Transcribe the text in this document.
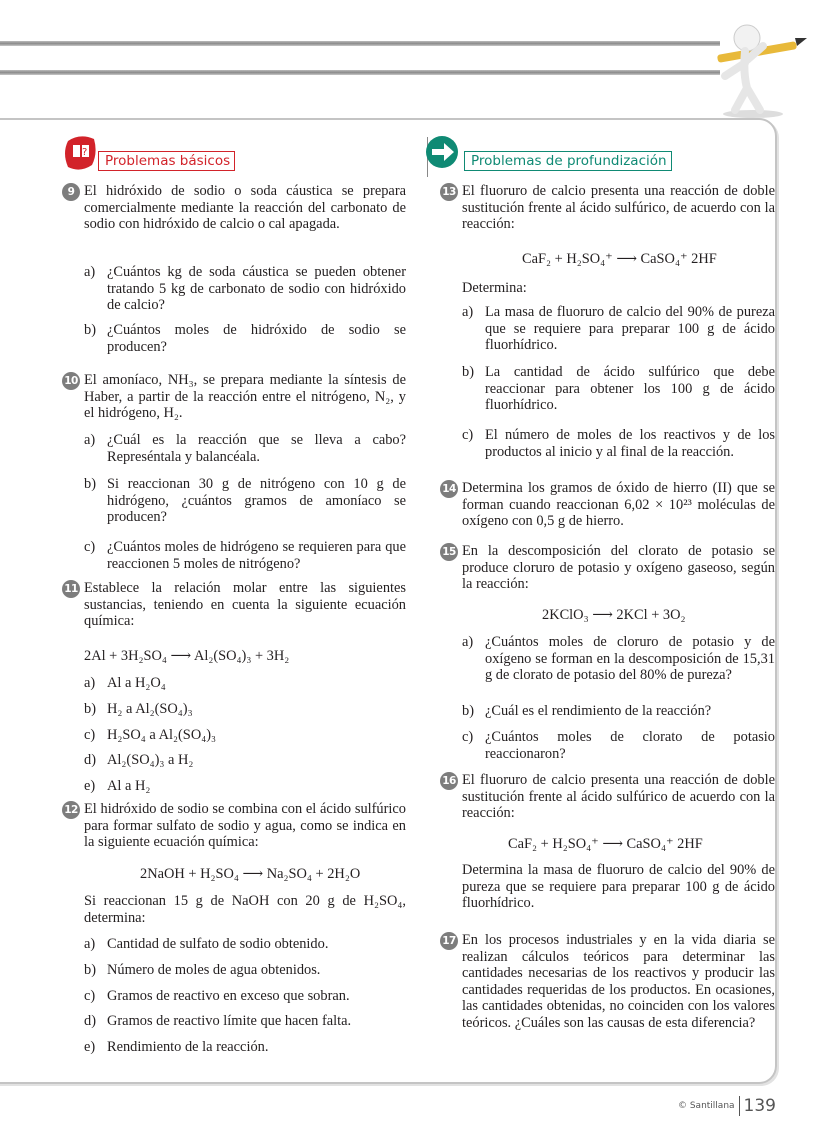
?
Problemas básicos	Problemas de profundización
9 El hidróxido de sodio o soda cáustica se prepara comercialmente mediante la reacción del carbonato de sodio con hidróxido de calcio o cal apagada.
a) ¿Cuántos kg de soda cáustica se pueden obtener tratando 5 kg de carbonato de sodio con hidróxido de calcio?
b) ¿Cuántos moles de hidróxido de sodio se producen?
10 El amoníaco, NH₃, se prepara mediante la síntesis de Haber, a partir de la reacción entre el nitrógeno, N₂, y el hidrógeno, H₂.
a) ¿Cuál es la reacción que se lleva a cabo? Represéntala y balancéala.
b) Si reaccionan 30 g de nitrógeno con 10 g de hidrógeno, ¿cuántos gramos de amoníaco se producen?
c) ¿Cuántos moles de hidrógeno se requieren para que reaccionen 5 moles de nitrógeno?
11 Establece la relación molar entre las siguientes sustancias, teniendo en cuenta la siguiente ecuación química:
2Al + 3H₂SO₄ ⟶ Al₂(SO₄)₃ + 3H₂
a) Al a H₂O₄
b) H₂ a Al₂(SO₄)₃
c) H₂SO₄ a Al₂(SO₄)₃
d) Al₂(SO₄)₃ a H₂
e) Al a H₂
12 El hidróxido de sodio se combina con el ácido sulfúrico para formar sulfato de sodio y agua, como se indica en la siguiente ecuación química:
2NaOH + H₂SO₄ ⟶ Na₂SO₄ + 2H₂O
Si reaccionan 15 g de NaOH con 20 g de H₂SO₄, determina:
a) Cantidad de sulfato de sodio obtenido.
b) Número de moles de agua obtenidos.
c) Gramos de reactivo en exceso que sobran.
d) Gramos de reactivo límite que hacen falta.
e) Rendimiento de la reacción.
13 El fluoruro de calcio presenta una reacción de doble sustitución frente al ácido sulfúrico, de acuerdo con la reacción:
CaF₂ + H₂SO₄⁺ ⟶ CaSO₄⁺ 2HF
Determina:
a) La masa de fluoruro de calcio del 90% de pureza que se requiere para preparar 100 g de ácido fluorhídrico.
b) La cantidad de ácido sulfúrico que debe reaccionar para obtener los 100 g de ácido fluorhídrico.
c) El número de moles de los reactivos y de los productos al inicio y al final de la reacción.
14 Determina los gramos de óxido de hierro (II) que se forman cuando reaccionan 6,02 × 10²³ moléculas de oxígeno con 0,5 g de hierro.
15 En la descomposición del clorato de potasio se produce cloruro de potasio y oxígeno gaseoso, según la reacción:
2KClO₃ ⟶ 2KCl + 3O₂
a) ¿Cuántos moles de cloruro de potasio y de oxígeno se forman en la descomposición de 15,31 g de clorato de potasio del 80% de pureza?
b) ¿Cuál es el rendimiento de la reacción?
c) ¿Cuántos moles de clorato de potasio reaccionaron?
16 El fluoruro de calcio presenta una reacción de doble sustitución frente al ácido sulfúrico de acuerdo con la reacción:
CaF₂ + H₂SO₄⁺ ⟶ CaSO₄⁺ 2HF
Determina la masa de fluoruro de calcio del 90% de pureza que se requiere para preparar 100 g de ácido fluorhídrico.
17 En los procesos industriales y en la vida diaria se realizan cálculos teóricos para determinar las cantidades necesarias de los reactivos y producir las cantidades requeridas de los productos. En ocasiones, las cantidades obtenidas, no coinciden con los valores teóricos. ¿Cuáles son las causas de esta diferencia?
© Santillana 139
